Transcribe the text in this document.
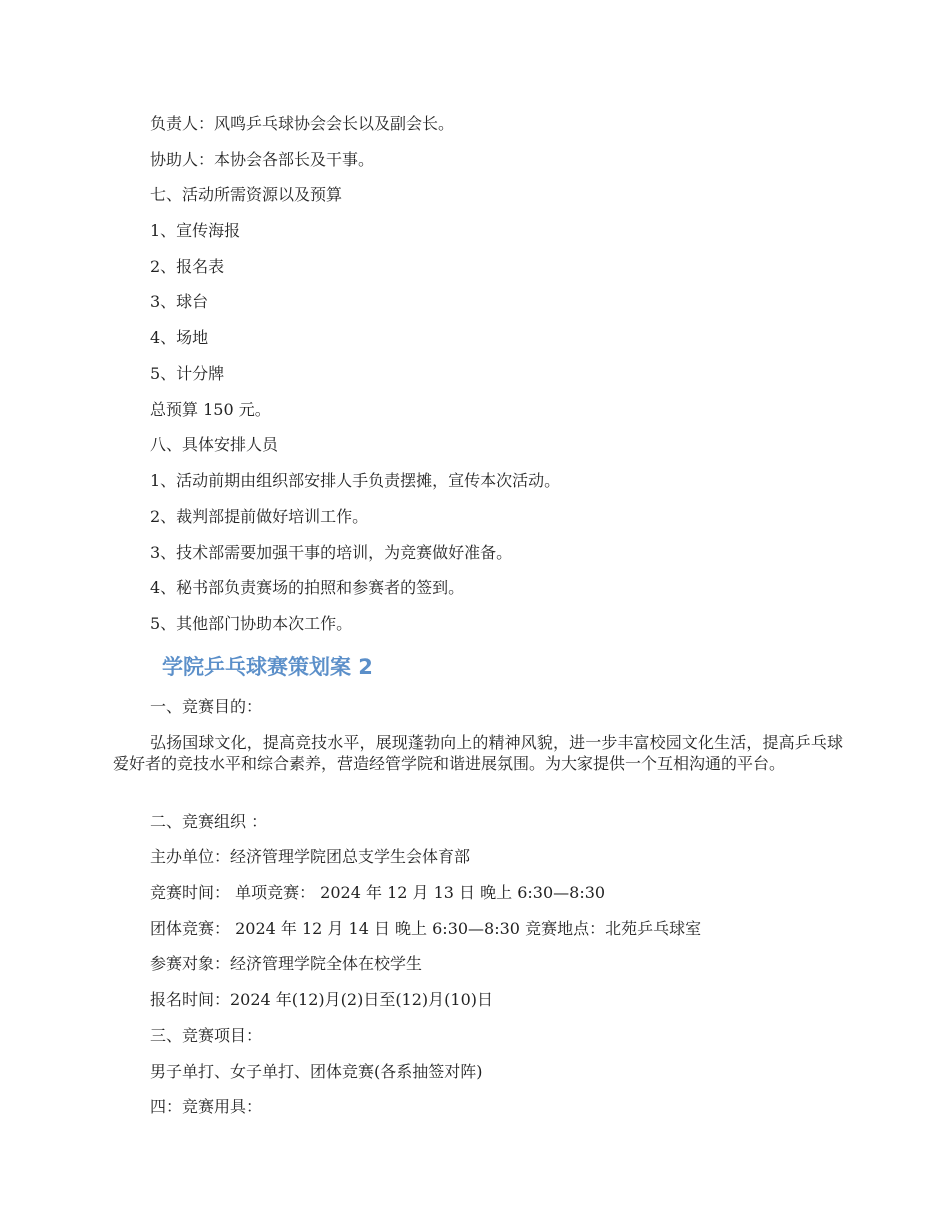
负责人：风鸣乒乓球协会会长以及副会长。
协助人：本协会各部长及干事。
七、活动所需资源以及预算
1、宣传海报
2、报名表
3、球台
4、场地
5、计分牌
总预算 150 元。
八、具体安排人员
1、活动前期由组织部安排人手负责摆摊，宣传本次活动。
2、裁判部提前做好培训工作。
3、技术部需要加强干事的培训，为竞赛做好准备。
4、秘书部负责赛场的拍照和参赛者的签到。
5、其他部门协助本次工作。
学院乒乓球赛策划案 2
一、竞赛目的：
弘扬国球文化，提高竞技水平，展现蓬勃向上的精神风貌，进一步丰富校园文化生活，提高乒乓球爱好者的竞技水平和综合素养，营造经管学院和谐进展氛围。为大家提供一个互相沟通的平台。
二、竞赛组织 ：
主办单位：经济管理学院团总支学生会体育部
竞赛时间： 单项竞赛： 2024 年 12 月 13 日 晚上 6:30—8:30
团体竞赛： 2024 年 12 月 14 日 晚上 6:30—8:30 竞赛地点：北苑乒乓球室
参赛对象：经济管理学院全体在校学生
报名时间：2024 年(12)月(2)日至(12)月(10)日
三、竞赛项目：
男子单打、女子单打、团体竞赛(各系抽签对阵)
四：竞赛用具：
